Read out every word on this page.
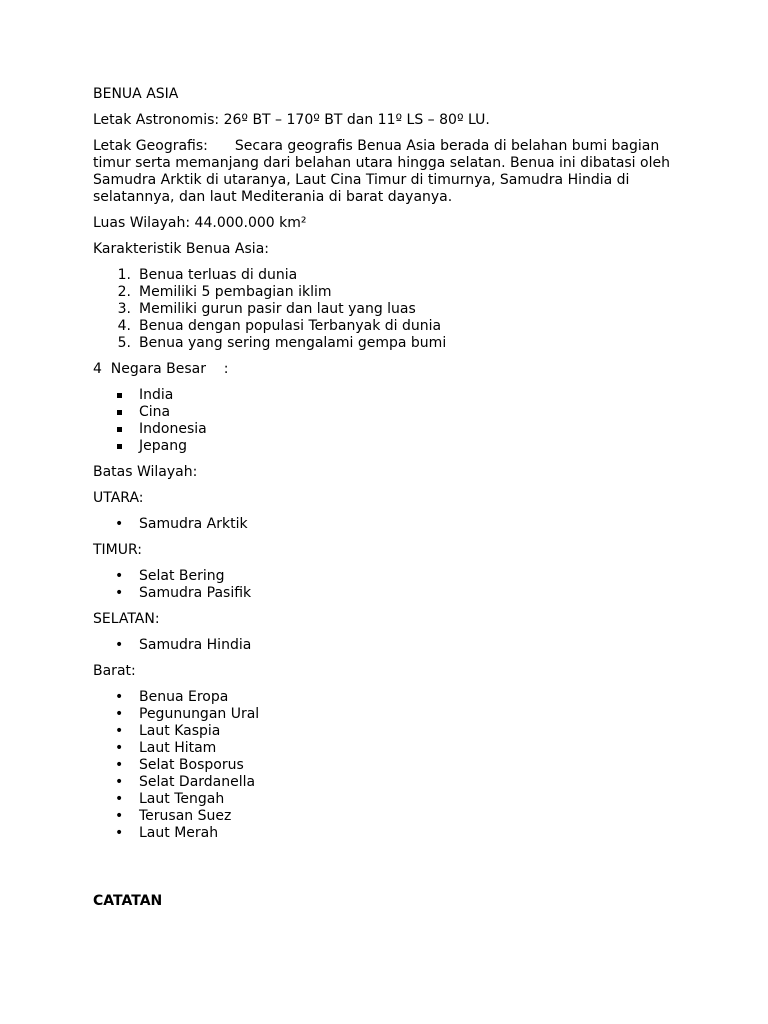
BENUA ASIA

Letak Astronomis: 26º BT – 170º BT dan 11º LS – 80º LU.

Letak Geografis: Secara geografis Benua Asia berada di belahan bumi bagian timur serta memanjang dari belahan utara hingga selatan. Benua ini dibatasi oleh Samudra Arktik di utaranya, Laut Cina Timur di timurnya, Samudra Hindia di selatannya, dan laut Mediterania di barat dayanya.

Luas Wilayah: 44.000.000 km²

Karakteristik Benua Asia:

1. Benua terluas di dunia
2. Memiliki 5 pembagian iklim
3. Memiliki gurun pasir dan laut yang luas
4. Benua dengan populasi Terbanyak di dunia
5. Benua yang sering mengalami gempa bumi

4  Negara Besar    :

India
Cina
Indonesia
Jepang

Batas Wilayah:

UTARA:

• Samudra Arktik

TIMUR:

• Selat Bering
• Samudra Pasifik

SELATAN:

• Samudra Hindia

Barat:

• Benua Eropa
• Pegunungan Ural
• Laut Kaspia
• Laut Hitam
• Selat Bosporus
• Selat Dardanella
• Laut Tengah
• Terusan Suez
• Laut Merah

CATATAN
